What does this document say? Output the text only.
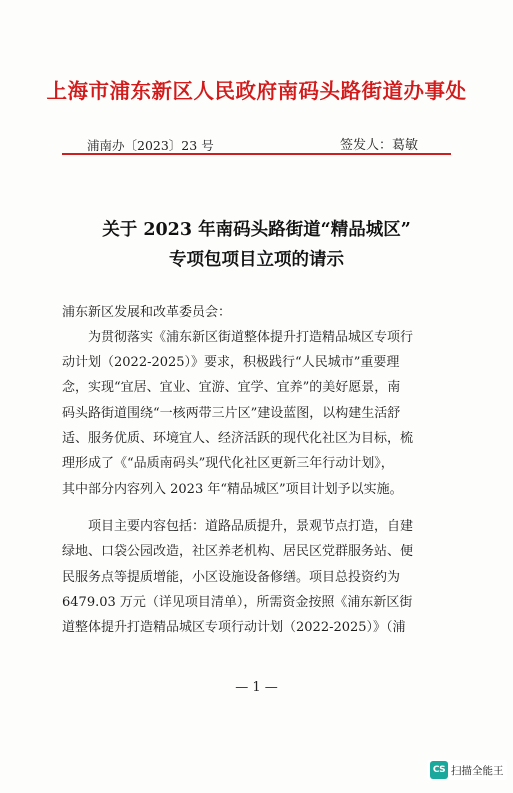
上海市浦东新区人民政府南码头路街道办事处
浦南办〔2023〕23 号	签发人：葛敏
关于 2023 年南码头路街道“精品城区”
专项包项目立项的请示
浦东新区发展和改革委员会：
为贯彻落实《浦东新区街道整体提升打造精品城区专项行
动计划（2022-2025）》要求，积极践行“人民城市”重要理
念，实现“宜居、宜业、宜游、宜学、宜养”的美好愿景，南
码头路街道围绕“一核两带三片区”建设蓝图，以构建生活舒
适、服务优质、环境宜人、经济活跃的现代化社区为目标，梳
理形成了《“品质南码头”现代化社区更新三年行动计划》，
其中部分内容列入 2023 年“精品城区”项目计划予以实施。
项目主要内容包括：道路品质提升，景观节点打造，自建
绿地、口袋公园改造，社区养老机构、居民区党群服务站、便
民服务点等提质增能，小区设施设备修缮。项目总投资约为
6479.03 万元（详见项目清单），所需资金按照《浦东新区街
道整体提升打造精品城区专项行动计划（2022-2025）》（浦
— 1 —
CS 扫描全能王
